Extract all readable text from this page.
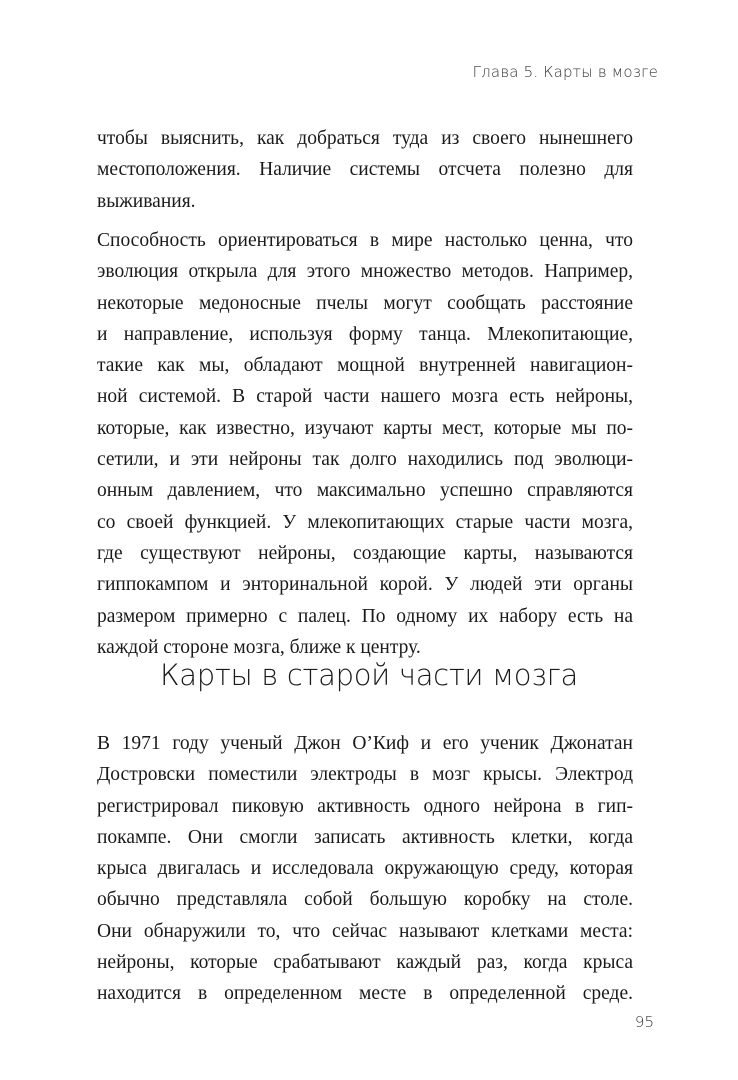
Глава 5. Карты в мозге
чтобы выяснить, как добраться туда из своего нынешнего
местоположения. Наличие системы отсчета полезно для
выживания.
Способность ориентироваться в мире настолько ценна, что
эволюция открыла для этого множество методов. Например,
некоторые медоносные пчелы могут сообщать расстояние
и направление, используя форму танца. Млекопитающие,
такие как мы, обладают мощной внутренней навигацион-
ной системой. В старой части нашего мозга есть нейроны,
которые, как известно, изучают карты мест, которые мы по-
сетили, и эти нейроны так долго находились под эволюци-
онным давлением, что максимально успешно справляются
со своей функцией. У млекопитающих старые части мозга,
где существуют нейроны, создающие карты, называются
гиппокампом и энторинальной корой. У людей эти органы
размером примерно с палец. По одному их набору есть на
каждой стороне мозга, ближе к центру.
Карты в старой части мозга
В 1971 году ученый Джон О’Киф и его ученик Джонатан
Достровски поместили электроды в мозг крысы. Электрод
регистрировал пиковую активность одного нейрона в гип-
покампе. Они смогли записать активность клетки, когда
крыса двигалась и исследовала окружающую среду, которая
обычно представляла собой большую коробку на столе.
Они обнаружили то, что сейчас называют клетками места:
нейроны, которые срабатывают каждый раз, когда крыса
находится в определенном месте в определенной среде.
95
